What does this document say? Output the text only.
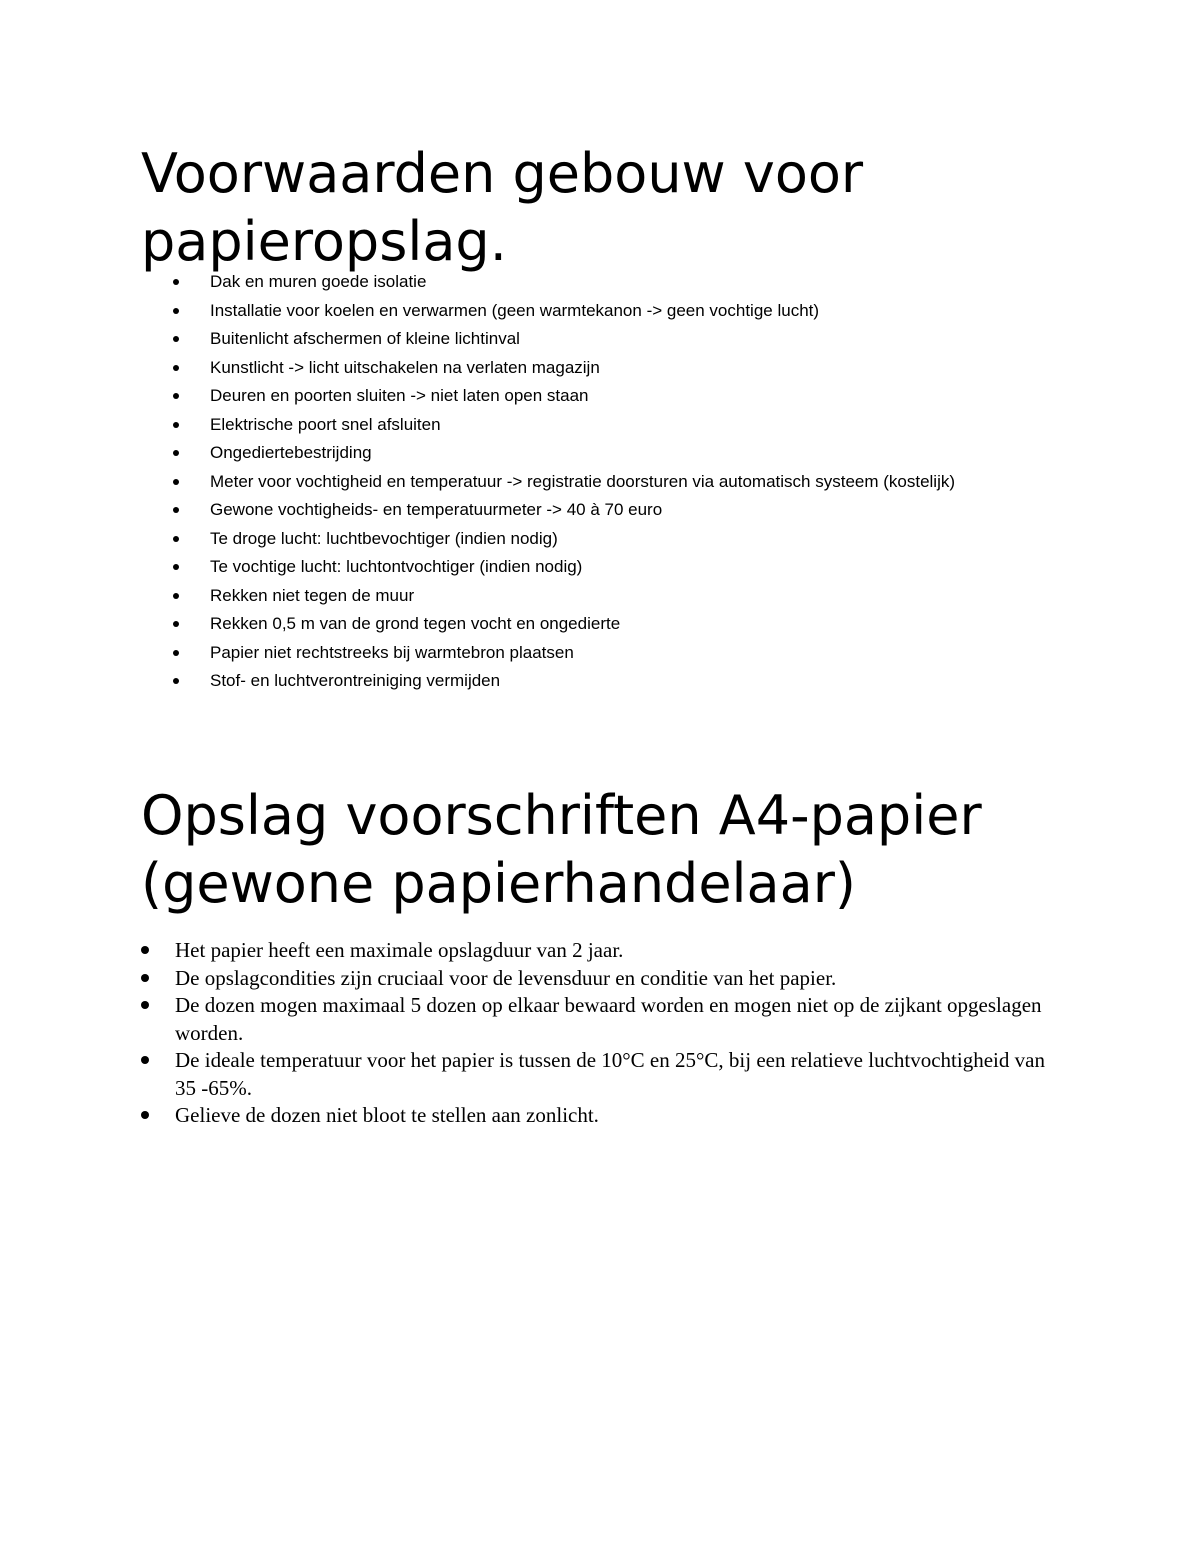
Voorwaarden gebouw voor
papieropslag.
Dak en muren goede isolatie
Installatie voor koelen en verwarmen (geen warmtekanon -> geen vochtige lucht)
Buitenlicht afschermen of kleine lichtinval
Kunstlicht -> licht uitschakelen na verlaten magazijn
Deuren en poorten sluiten -> niet laten open staan
Elektrische poort snel afsluiten
Ongediertebestrijding
Meter voor vochtigheid en temperatuur -> registratie doorsturen via automatisch systeem (kostelijk)
Gewone vochtigheids- en temperatuurmeter -> 40 à 70 euro
Te droge lucht: luchtbevochtiger (indien nodig)
Te vochtige lucht: luchtontvochtiger (indien nodig)
Rekken niet tegen de muur
Rekken 0,5 m van de grond tegen vocht en ongedierte
Papier niet rechtstreeks bij warmtebron plaatsen
Stof- en luchtverontreiniging vermijden
Opslag voorschriften A4-papier
(gewone papierhandelaar)
Het papier heeft een maximale opslagduur van 2 jaar.
De opslagcondities zijn cruciaal voor de levensduur en conditie van het papier.
De dozen mogen maximaal 5 dozen op elkaar bewaard worden en mogen niet op de zijkant opgeslagen worden.
De ideale temperatuur voor het papier is tussen de 10°C en 25°C, bij een relatieve luchtvochtigheid van 35 -65%.
Gelieve de dozen niet bloot te stellen aan zonlicht.
